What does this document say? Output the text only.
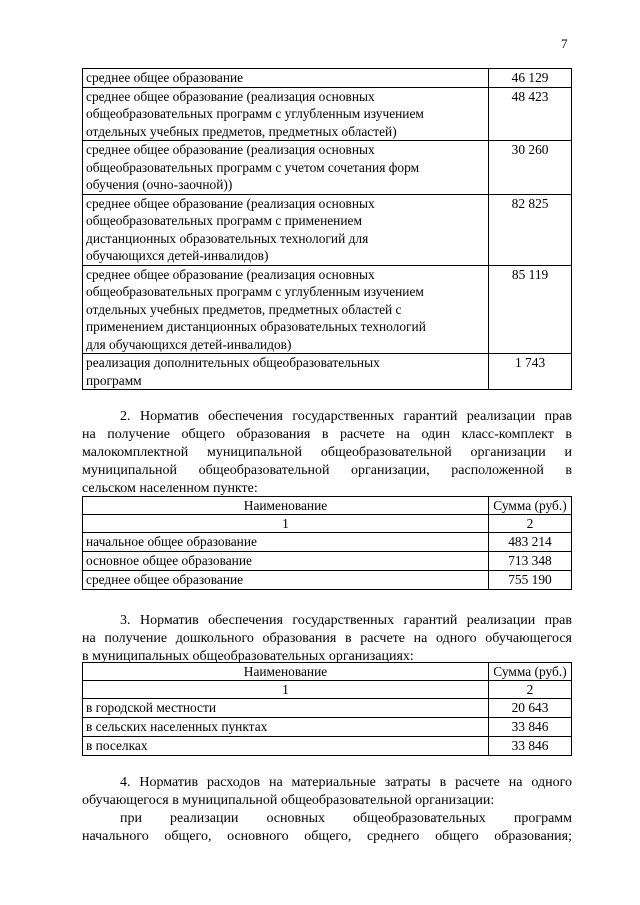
7
среднее общее образование	46 129
среднее общее образование (реализация основных
общеобразовательных программ с углубленным изучением
отдельных учебных предметов, предметных областей)	48 423
среднее общее образование (реализация основных
общеобразовательных программ с учетом сочетания форм
обучения (очно-заочной))	30 260
среднее общее образование (реализация основных
общеобразовательных программ с применением
дистанционных образовательных технологий для
обучающихся детей-инвалидов)	82 825
среднее общее образование (реализация основных
общеобразовательных программ с углубленным изучением
отдельных учебных предметов, предметных областей с
применением дистанционных образовательных технологий
для обучающихся детей-инвалидов)	85 119
реализация дополнительных общеобразовательных
программ	1 743
2. Норматив обеспечения государственных гарантий реализации прав
на получение общего образования в расчете на один класс-комплект в
малокомплектной муниципальной общеобразовательной организации и
муниципальной общеобразовательной организации, расположенной в
сельском населенном пункте:
Наименование	Сумма (руб.)
1	2
начальное общее образование	483 214
основное общее образование	713 348
среднее общее образование	755 190
3. Норматив обеспечения государственных гарантий реализации прав
на получение дошкольного образования в расчете на одного обучающегося
в муниципальных общеобразовательных организациях:
Наименование	Сумма (руб.)
1	2
в городской местности	20 643
в сельских населенных пунктах	33 846
в поселках	33 846
4. Норматив расходов на материальные затраты в расчете на одного
обучающегося в муниципальной общеобразовательной организации:
при реализации основных общеобразовательных программ
начального общего, основного общего, среднего общего образования;
